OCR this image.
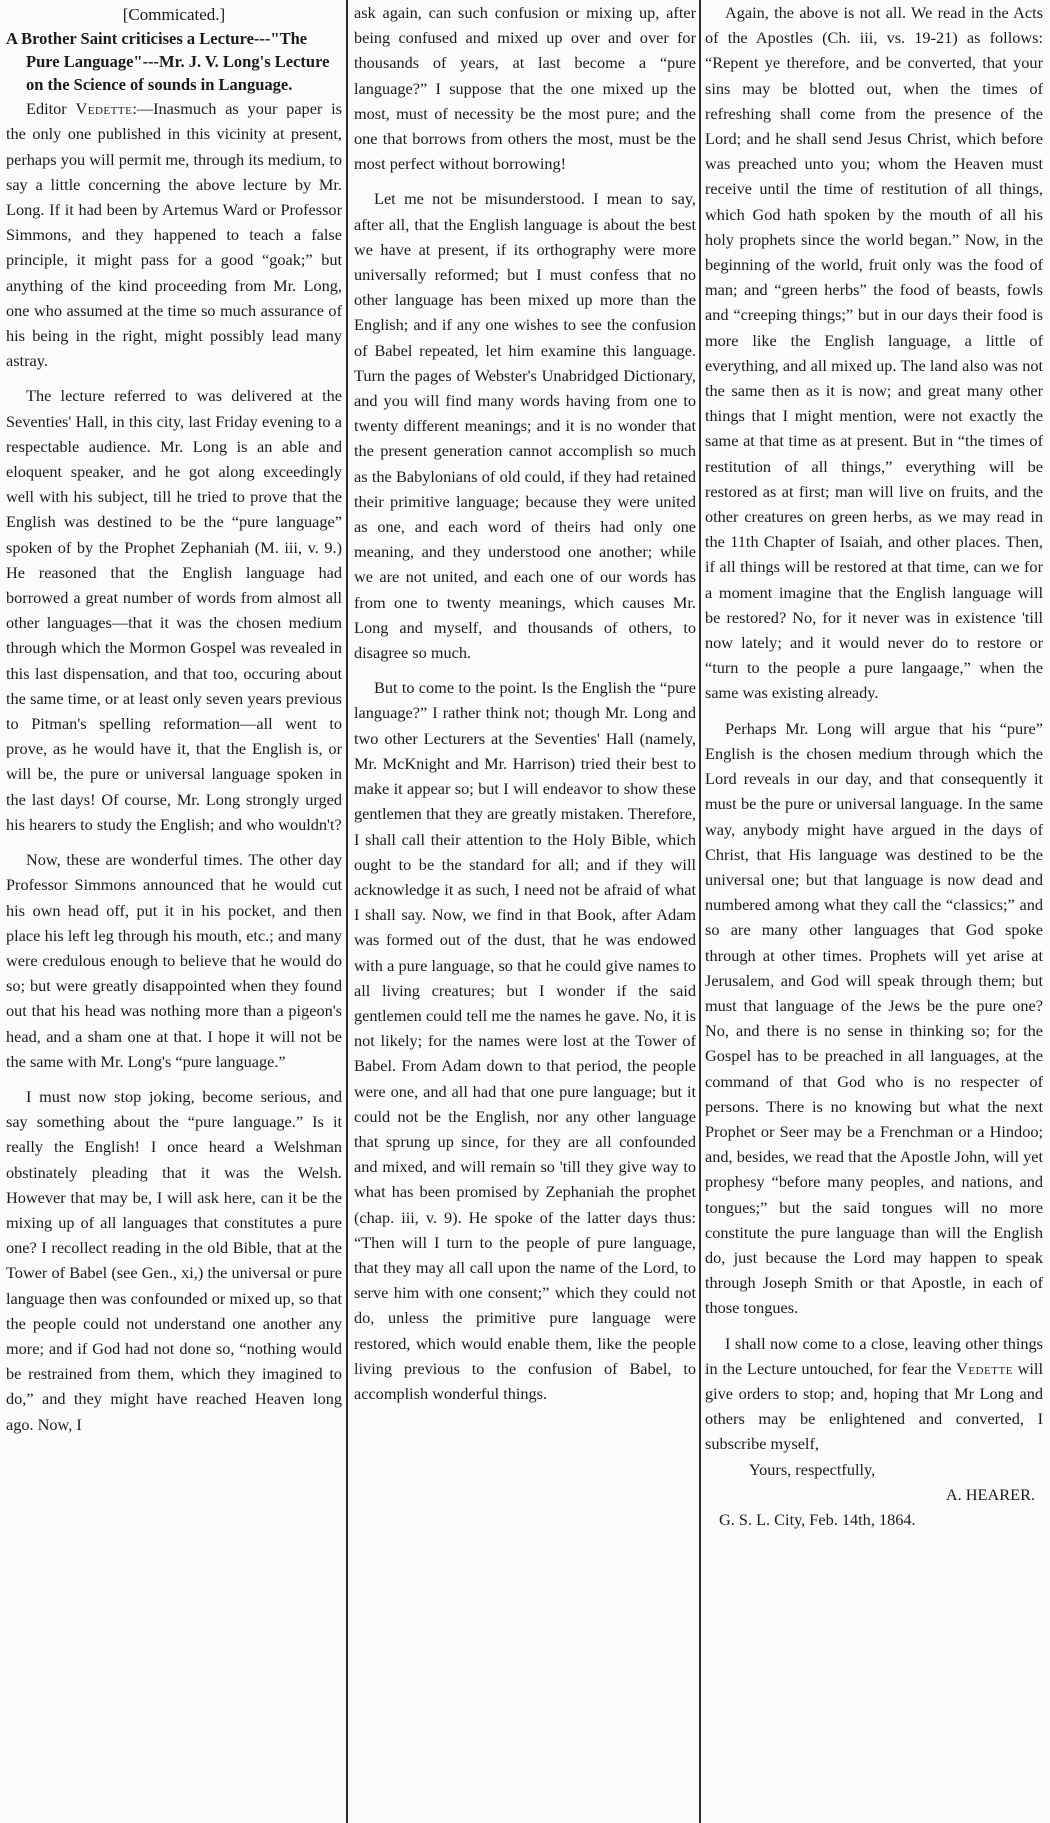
[Commicated.]

A Brother Saint criticises a Lecture---"The Pure Language"---Mr. J. V. Long's Lecture on the Science of sounds in Language.

Editor Vedette:—Inasmuch as your paper is the only one published in this vicinity at present, perhaps you will permit me, through its medium, to say a little concerning the above lecture by Mr. Long. If it had been by Artemus Ward or Professor Simmons, and they happened to teach a false principle, it might pass for a good “goak;” but anything of the kind proceeding from Mr. Long, one who assumed at the time so much assurance of his being in the right, might possibly lead many astray.

The lecture referred to was delivered at the Seventies' Hall, in this city, last Friday evening to a respectable audience. Mr. Long is an able and eloquent speaker, and he got along exceedingly well with his subject, till he tried to prove that the English was destined to be the “pure language” spoken of by the Prophet Zephaniah (M. iii, v. 9.) He reasoned that the English language had borrowed a great number of words from almost all other languages—that it was the chosen medium through which the Mormon Gospel was revealed in this last dispensation, and that too, occuring about the same time, or at least only seven years previous to Pitman's spelling reformation—all went to prove, as he would have it, that the English is, or will be, the pure or universal language spoken in the last days! Of course, Mr. Long strongly urged his hearers to study the English; and who wouldn't?

Now, these are wonderful times. The other day Professor Simmons announced that he would cut his own head off, put it in his pocket, and then place his left leg through his mouth, etc.; and many were credulous enough to believe that he would do so; but were greatly disappointed when they found out that his head was nothing more than a pigeon's head, and a sham one at that. I hope it will not be the same with Mr. Long's “pure language.”

I must now stop joking, become serious, and say something about the “pure language.” Is it really the English! I once heard a Welshman obstinately pleading that it was the Welsh. However that may be, I will ask here, can it be the mixing up of all languages that constitutes a pure one? I recollect reading in the old Bible, that at the Tower of Babel (see Gen., xi,) the universal or pure language then was confounded or mixed up, so that the people could not understand one another any more; and if God had not done so, “nothing would be restrained from them, which they imagined to do,” and they might have reached Heaven long ago. Now, I

ask again, can such confusion or mixing up, after being confused and mixed up over and over for thousands of years, at last become a “pure language?” I suppose that the one mixed up the most, must of necessity be the most pure; and the one that borrows from others the most, must be the most perfect without borrowing!

Let me not be misunderstood. I mean to say, after all, that the English language is about the best we have at present, if its orthography were more universally reformed; but I must confess that no other language has been mixed up more than the English; and if any one wishes to see the confusion of Babel repeated, let him examine this language. Turn the pages of Webster's Unabridged Dictionary, and you will find many words having from one to twenty different meanings; and it is no wonder that the present generation cannot accomplish so much as the Babylonians of old could, if they had retained their primitive language; because they were united as one, and each word of theirs had only one meaning, and they understood one another; while we are not united, and each one of our words has from one to twenty meanings, which causes Mr. Long and myself, and thousands of others, to disagree so much.

But to come to the point. Is the English the “pure language?” I rather think not; though Mr. Long and two other Lecturers at the Seventies' Hall (namely, Mr. McKnight and Mr. Harrison) tried their best to make it appear so; but I will endeavor to show these gentlemen that they are greatly mistaken. Therefore, I shall call their attention to the Holy Bible, which ought to be the standard for all; and if they will acknowledge it as such, I need not be afraid of what I shall say. Now, we find in that Book, after Adam was formed out of the dust, that he was endowed with a pure language, so that he could give names to all living creatures; but I wonder if the said gentlemen could tell me the names he gave. No, it is not likely; for the names were lost at the Tower of Babel. From Adam down to that period, the people were one, and all had that one pure language; but it could not be the English, nor any other language that sprung up since, for they are all confounded and mixed, and will remain so 'till they give way to what has been promised by Zephaniah the prophet (chap. iii, v. 9). He spoke of the latter days thus: “Then will I turn to the people of pure language, that they may all call upon the name of the Lord, to serve him with one consent;” which they could not do, unless the primitive pure language were restored, which would enable them, like the people living previous to the confusion of Babel, to accomplish wonderful things.

Again, the above is not all. We read in the Acts of the Apostles (Ch. iii, vs. 19-21) as follows: “Repent ye therefore, and be converted, that your sins may be blotted out, when the times of refreshing shall come from the presence of the Lord; and he shall send Jesus Christ, which before was preached unto you; whom the Heaven must receive until the time of restitution of all things, which God hath spoken by the mouth of all his holy prophets since the world began.” Now, in the beginning of the world, fruit only was the food of man; and “green herbs” the food of beasts, fowls and “creeping things;” but in our days their food is more like the English language, a little of everything, and all mixed up. The land also was not the same then as it is now; and great many other things that I might mention, were not exactly the same at that time as at present. But in “the times of restitution of all things,” everything will be restored as at first; man will live on fruits, and the other creatures on green herbs, as we may read in the 11th Chapter of Isaiah, and other places. Then, if all things will be restored at that time, can we for a moment imagine that the English language will be restored? No, for it never was in existence 'till now lately; and it would never do to restore or “turn to the people a pure langaage,” when the same was existing already.

Perhaps Mr. Long will argue that his “pure” English is the chosen medium through which the Lord reveals in our day, and that consequently it must be the pure or universal language. In the same way, anybody might have argued in the days of Christ, that His language was destined to be the universal one; but that language is now dead and numbered among what they call the “classics;” and so are many other languages that God spoke through at other times. Prophets will yet arise at Jerusalem, and God will speak through them; but must that language of the Jews be the pure one? No, and there is no sense in thinking so; for the Gospel has to be preached in all languages, at the command of that God who is no respecter of persons. There is no knowing but what the next Prophet or Seer may be a Frenchman or a Hindoo; and, besides, we read that the Apostle John, will yet prophesy “before many peoples, and nations, and tongues;” but the said tongues will no more constitute the pure language than will the English do, just because the Lord may happen to speak through Joseph Smith or that Apostle, in each of those tongues.

I shall now come to a close, leaving other things in the Lecture untouched, for fear the Vedette will give orders to stop; and, hoping that Mr Long and others may be enlightened and converted, I subscribe myself,

Yours, respectfully,

A. HEARER.

G. S. L. City, Feb. 14th, 1864.
